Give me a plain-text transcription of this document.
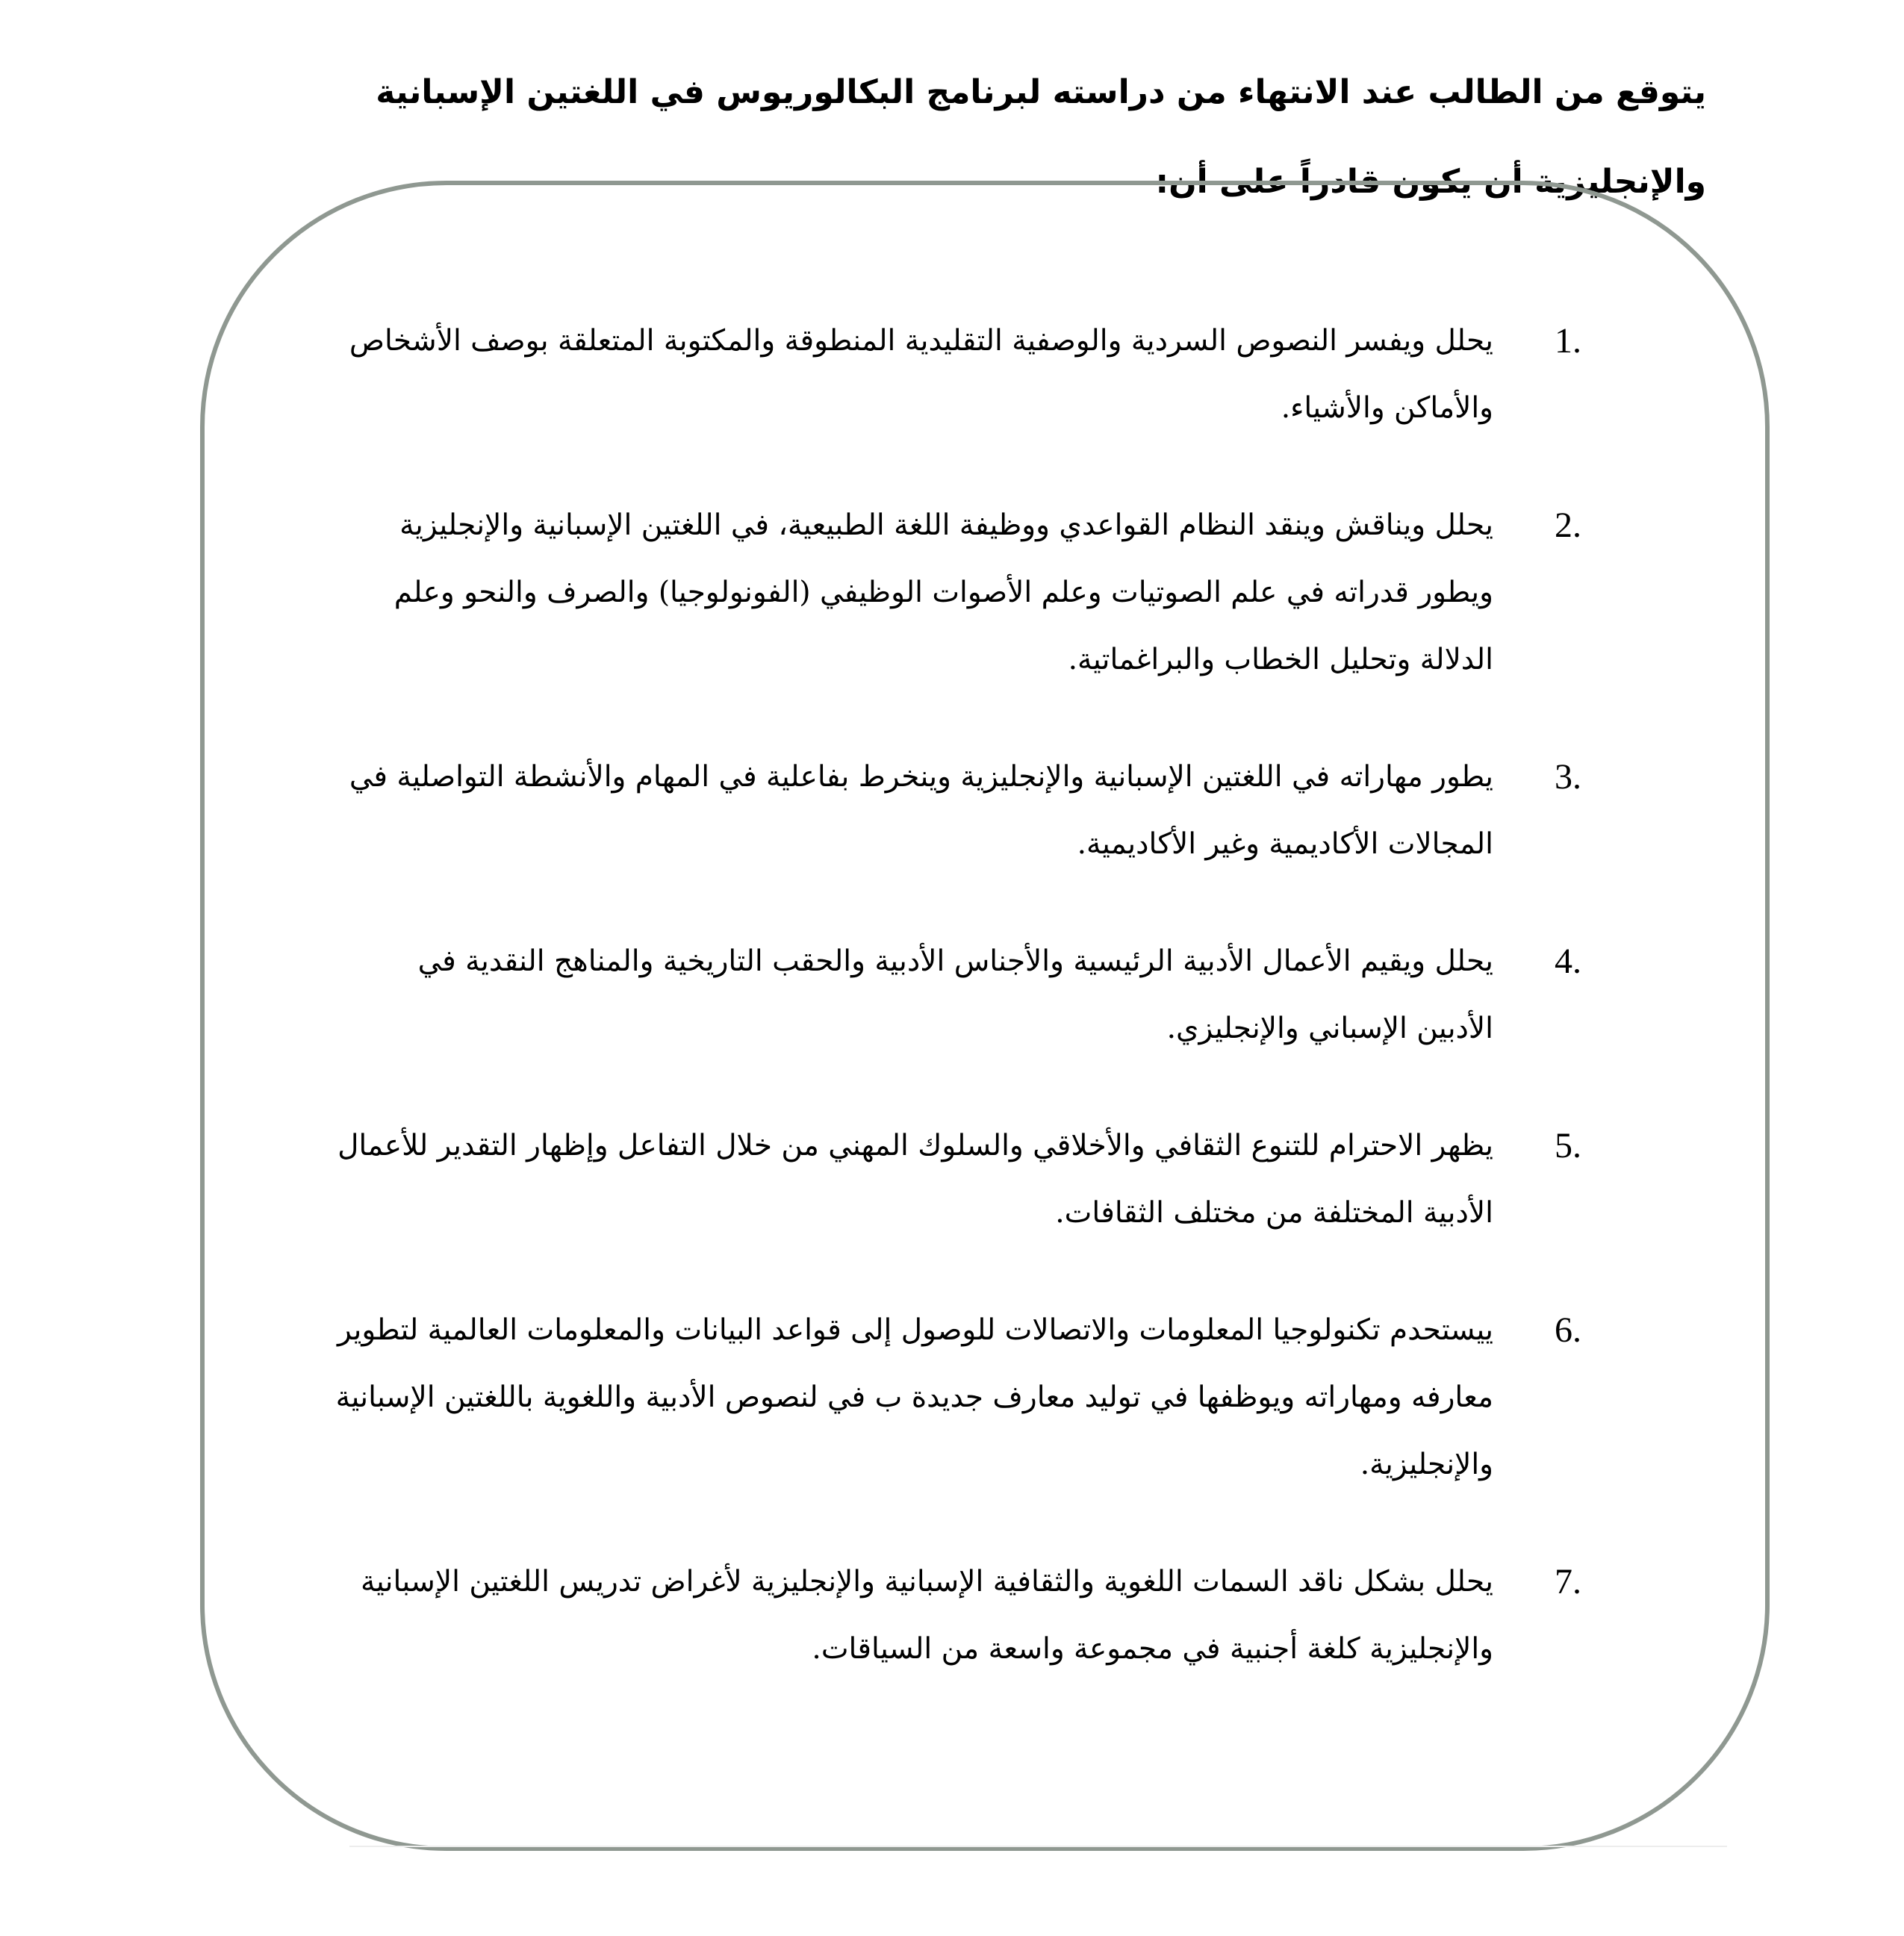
يتوقع من الطالب عند الانتهاء من دراسته لبرنامج البكالوريوس في اللغتين الإسبانية والإنجليزية أن يكون قادراً على أن:

1.
يحلل ويفسر النصوص السردية والوصفية التقليدية المنطوقة والمكتوبة المتعلقة بوصف الأشخاص والأماكن والأشياء.
2.
يحلل ويناقش وينقد النظام القواعدي ووظيفة اللغة الطبيعية، في اللغتين الإسبانية والإنجليزية ويطور قدراته في علم الصوتيات وعلم الأصوات الوظيفي (الفونولوجيا) والصرف والنحو وعلم الدلالة وتحليل الخطاب والبراغماتية.
3.
يطور مهاراته في اللغتين الإسبانية والإنجليزية وينخرط بفاعلية في المهام والأنشطة التواصلية في المجالات الأكاديمية وغير الأكاديمية.
4.
يحلل ويقيم الأعمال الأدبية الرئيسية والأجناس الأدبية والحقب التاريخية والمناهج النقدية في الأدبين الإسباني والإنجليزي.
5.
يظهر الاحترام للتنوع الثقافي والأخلاقي والسلوك المهني من خلال التفاعل وإظهار التقدير للأعمال الأدبية المختلفة من مختلف الثقافات.
6.
ييستحدم تكنولوجيا المعلومات والاتصالات للوصول إلى قواعد البيانات والمعلومات العالمية لتطوير معارفه ومهاراته ويوظفها في توليد معارف جديدة ب في لنصوص الأدبية واللغوية باللغتين الإسبانية والإنجليزية.
7.
يحلل بشكل ناقد السمات اللغوية والثقافية الإسبانية والإنجليزية لأغراض تدريس اللغتين الإسبانية والإنجليزية كلغة أجنبية في مجموعة واسعة من السياقات.
